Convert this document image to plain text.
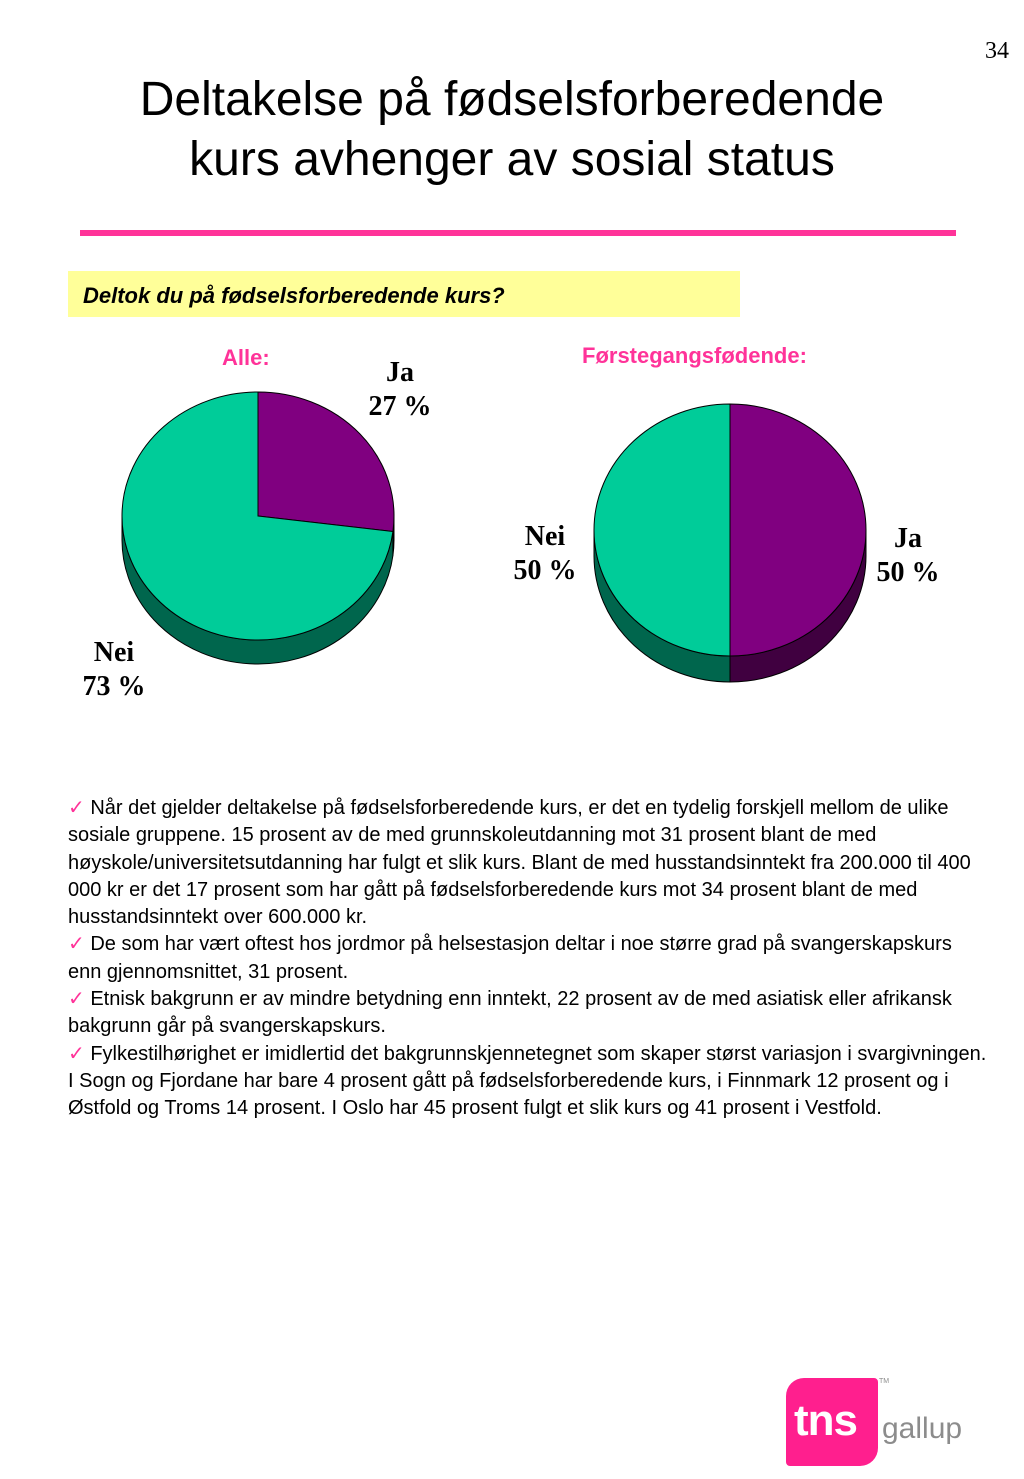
34
Deltakelse på fødselsforberedende
kurs avhenger av sosial status
Deltok du på fødselsforberedende kurs?
Alle:	Ja
27 %
Nei
73 %
Førstegangsfødende:
Nei
50 %
Ja
50 %

✓ Når det gjelder deltakelse på fødselsforberedende kurs, er det en tydelig forskjell mellom de ulike sosiale gruppene. 15 prosent av de med grunnskoleutdanning mot 31 prosent blant de med høyskole/universitetsutdanning har fulgt et slik kurs. Blant de med husstandsinntekt fra 200.000 til 400 000 kr er det 17 prosent som har gått på fødselsforberedende kurs mot 34 prosent blant de med husstandsinntekt over 600.000 kr.

✓ De som har vært oftest hos jordmor på helsestasjon deltar i noe større grad på svangerskapskurs enn gjennomsnittet, 31 prosent.

✓ Etnisk bakgrunn er av mindre betydning enn inntekt, 22 prosent av de med asiatisk eller afrikansk bakgrunn går på svangerskapskurs.

✓ Fylkestilhørighet er imidlertid det bakgrunnskjennetegnet som skaper størst variasjon i svargivningen. I Sogn og Fjordane har bare 4 prosent gått på fødselsforberedende kurs, i Finnmark 12 prosent og i Østfold og Troms 14 prosent. I Oslo har 45 prosent fulgt et slik kurs og 41 prosent i Vestfold.

tns
TM
gallup
